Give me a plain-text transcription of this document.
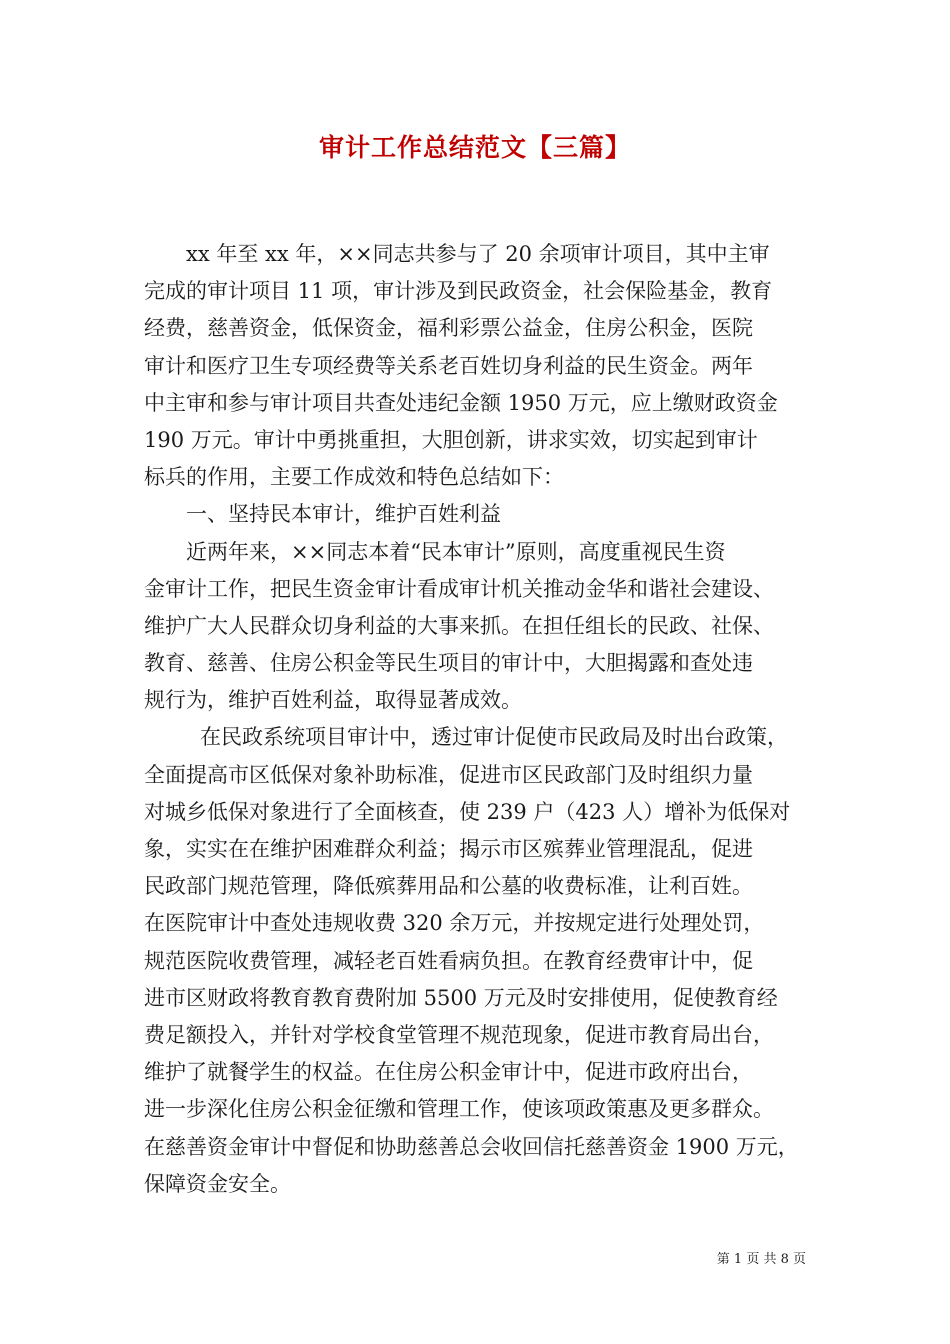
审计工作总结范文【三篇】
xx 年至 xx 年，××同志共参与了 20 余项审计项目，其中主审
完成的审计项目 11 项，审计涉及到民政资金，社会保险基金，教育
经费，慈善资金，低保资金，福利彩票公益金，住房公积金，医院
审计和医疗卫生专项经费等关系老百姓切身利益的民生资金。两年
中主审和参与审计项目共查处违纪金额 1950 万元，应上缴财政资金
190 万元。审计中勇挑重担，大胆创新，讲求实效，切实起到审计
标兵的作用，主要工作成效和特色总结如下：
一、坚持民本审计，维护百姓利益
近两年来，××同志本着“民本审计”原则，高度重视民生资
金审计工作，把民生资金审计看成审计机关推动金华和谐社会建设、
维护广大人民群众切身利益的大事来抓。在担任组长的民政、社保、
教育、慈善、住房公积金等民生项目的审计中，大胆揭露和查处违
规行为，维护百姓利益，取得显著成效。
在民政系统项目审计中，透过审计促使市民政局及时出台政策，
全面提高市区低保对象补助标准，促进市区民政部门及时组织力量
对城乡低保对象进行了全面核查，使 239 户（423 人）增补为低保对
象，实实在在维护困难群众利益；揭示市区殡葬业管理混乱，促进
民政部门规范管理，降低殡葬用品和公墓的收费标准，让利百姓。
在医院审计中查处违规收费 320 余万元，并按规定进行处理处罚，
规范医院收费管理，减轻老百姓看病负担。在教育经费审计中，促
进市区财政将教育教育费附加 5500 万元及时安排使用，促使教育经
费足额投入，并针对学校食堂管理不规范现象，促进市教育局出台，
维护了就餐学生的权益。在住房公积金审计中，促进市政府出台，
进一步深化住房公积金征缴和管理工作，使该项政策惠及更多群众。
在慈善资金审计中督促和协助慈善总会收回信托慈善资金 1900 万元，
保障资金安全。
第 1 页 共 8 页
